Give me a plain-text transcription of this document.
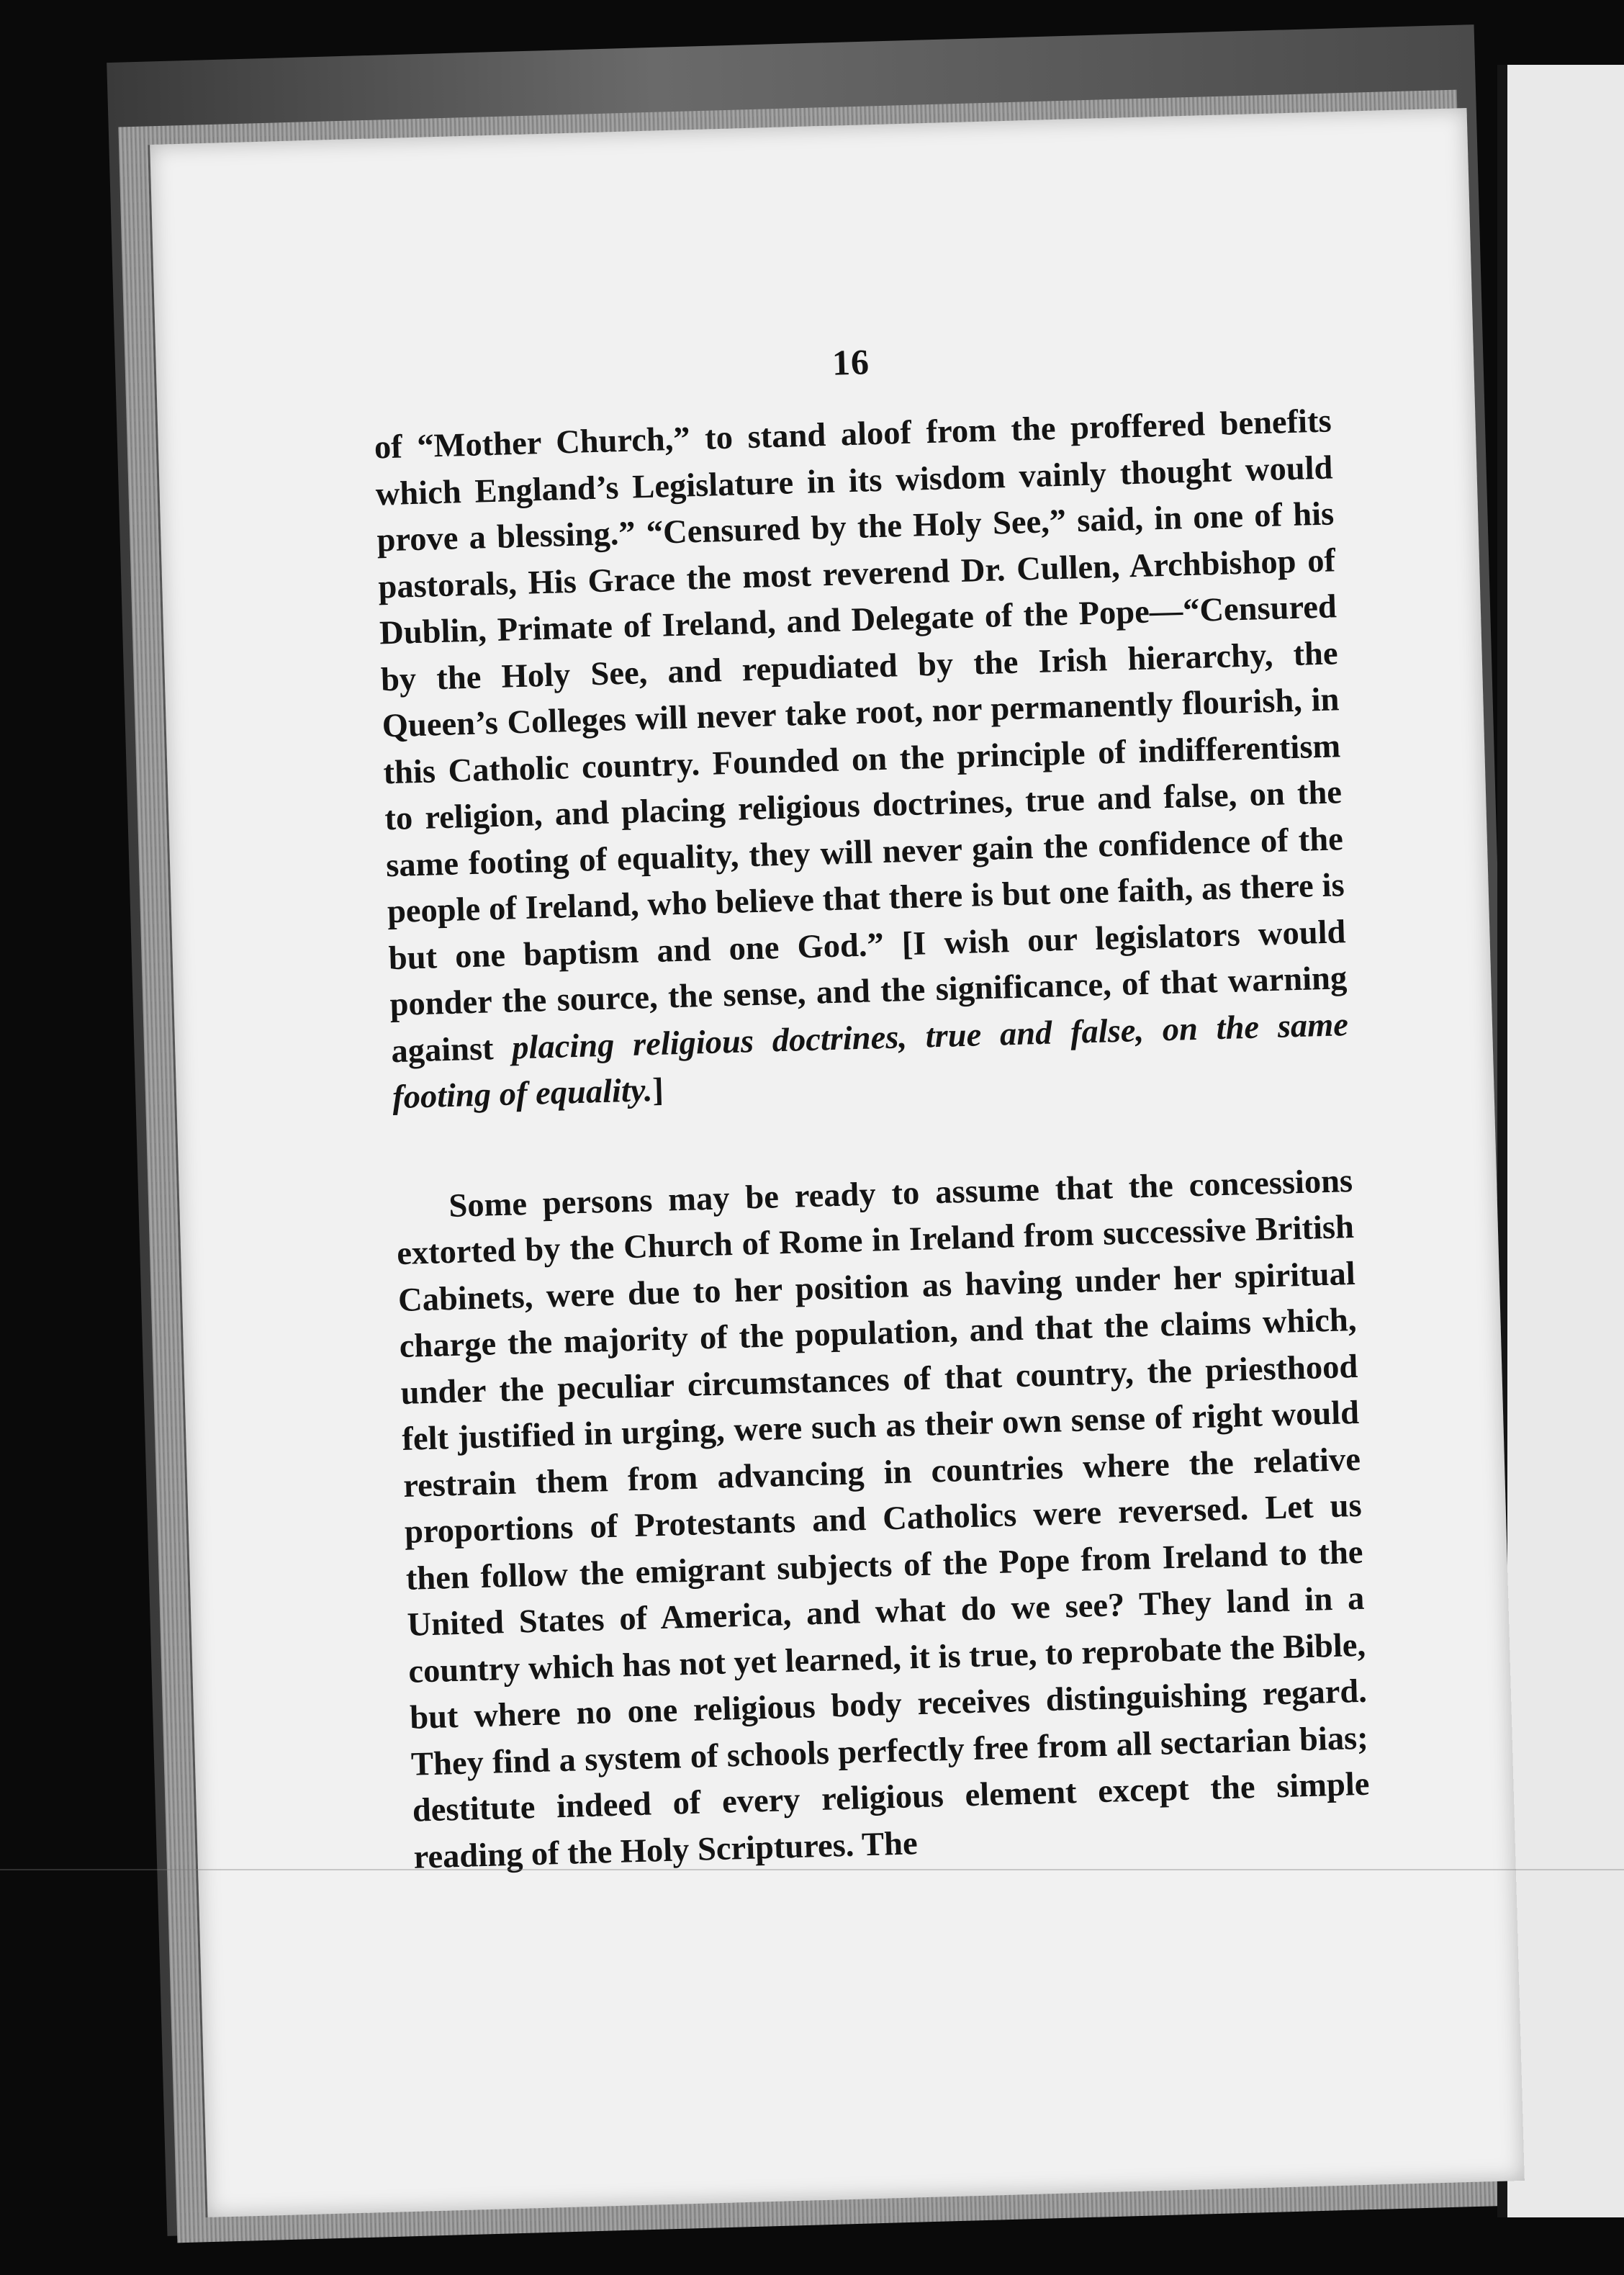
16

of “Mother Church,” to stand aloof from the proffered benefits which England’s Legislature in its wisdom vainly thought would prove a blessing.” “Censured by the Holy See,” said, in one of his pastorals, His Grace the most reverend Dr. Cullen, Archbishop of Dublin, Primate of Ireland, and Delegate of the Pope—“Censured by the Holy See, and repudiated by the Irish hierarchy, the Queen’s Colleges will never take root, nor permanently flourish, in this Catholic country. Founded on the principle of indifferentism to religion, and placing religious doctrines, true and false, on the same footing of equality, they will never gain the confidence of the people of Ireland, who believe that there is but one faith, as there is but one baptism and one God.” [I wish our legislators would ponder the source, the sense, and the significance, of that warning against placing religious doctrines, true and false, on the same footing of equality.]

Some persons may be ready to assume that the concessions extorted by the Church of Rome in Ireland from successive British Cabinets, were due to her position as having under her spiritual charge the majority of the population, and that the claims which, under the peculiar circumstances of that country, the priesthood felt justified in urging, were such as their own sense of right would restrain them from advancing in countries where the relative proportions of Protestants and Catholics were reversed. Let us then follow the emigrant subjects of the Pope from Ireland to the United States of America, and what do we see? They land in a country which has not yet learned, it is true, to reprobate the Bible, but where no one religious body receives distinguishing regard. They find a system of schools perfectly free from all sectarian bias; destitute indeed of every religious element except the simple reading of the Holy Scriptures. The
